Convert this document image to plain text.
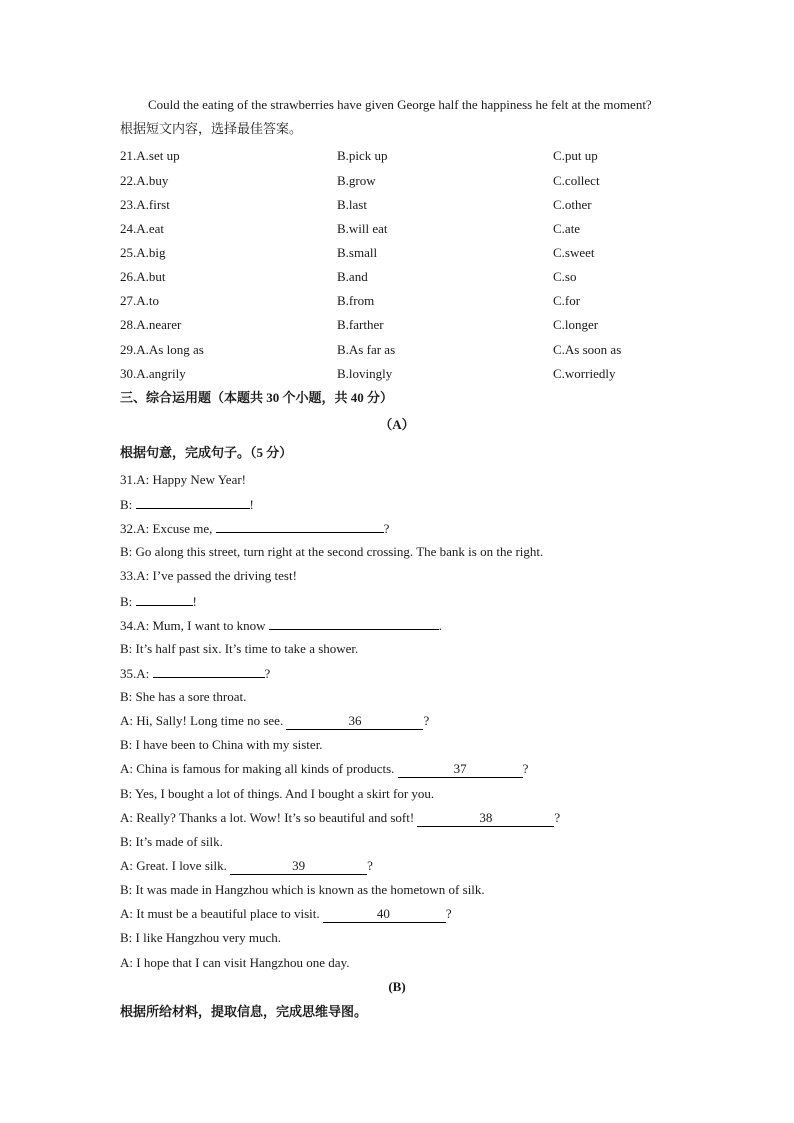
Could the eating of the strawberries have given George half the happiness he felt at the moment?
根据短文内容，选择最佳答案。
21.A.set up	B.pick up	C.put up
22.A.buy	B.grow	C.collect
23.A.first	B.last	C.other
24.A.eat	B.will eat	C.ate
25.A.big	B.small	C.sweet
26.A.but	B.and	C.so
27.A.to	B.from	C.for
28.A.nearer	B.farther	C.longer
29.A.As long as	B.As far as	C.As soon as
30.A.angrily	B.lovingly	C.worriedly
三、综合运用题（本题共 30 个小题，共 40 分）
（A）
根据句意，完成句子。（5 分）
31.A: Happy New Year!
B:	!
32.A: Excuse me,	?
B: Go along this street, turn right at the second crossing. The bank is on the right.
33.A: I’ve passed the driving test!
B:	!
34.A: Mum, I want to know	.
B: It’s half past six. It’s time to take a shower.
35.A:	?
B: She has a sore throat.
A: Hi, Sally! Long time no see.	36	?
B: I have been to China with my sister.
A: China is famous for making all kinds of products.	37	?
B: Yes, I bought a lot of things. And I bought a skirt for you.
A: Really? Thanks a lot. Wow! It’s so beautiful and soft!	38	?
B: It’s made of silk.
A: Great. I love silk.	39	?
B: It was made in Hangzhou which is known as the hometown of silk.
A: It must be a beautiful place to visit.	40	?
B: I like Hangzhou very much.
A: I hope that I can visit Hangzhou one day.
(B)
根据所给材料，提取信息，完成思维导图。
